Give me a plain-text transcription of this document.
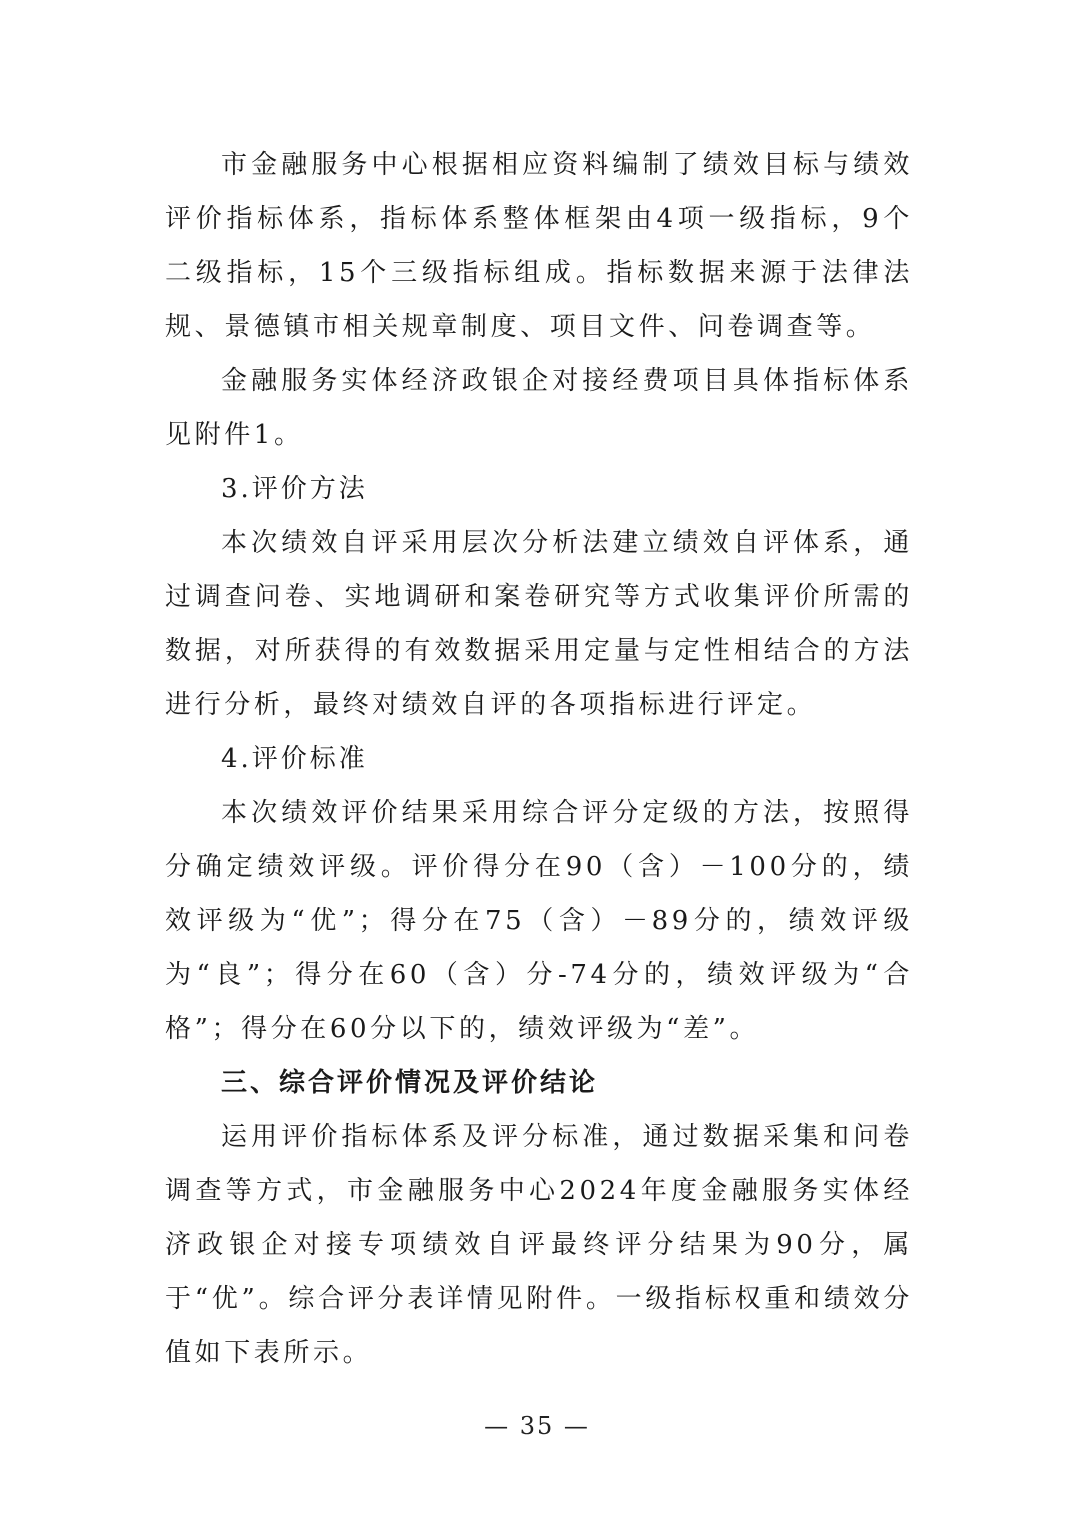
市金融服务中心根据相应资料编制了绩效目标与绩效评价指标体系，指标体系整体框架由4项一级指标，9个二级指标，15个三级指标组成。指标数据来源于法律法规、景德镇市相关规章制度、项目文件、问卷调查等。

金融服务实体经济政银企对接经费项目具体指标体系见附件1。

3.评价方法

本次绩效自评采用层次分析法建立绩效自评体系，通过调查问卷、实地调研和案卷研究等方式收集评价所需的数据，对所获得的有效数据采用定量与定性相结合的方法进行分析，最终对绩效自评的各项指标进行评定。

4.评价标准

本次绩效评价结果采用综合评分定级的方法，按照得分确定绩效评级。评价得分在90（含）－100分的，绩效评级为“优”；得分在75（含）－89分的，绩效评级为“良”；得分在60（含）分-74分的，绩效评级为“合格”；得分在60分以下的，绩效评级为“差”。

三、综合评价情况及评价结论

运用评价指标体系及评分标准，通过数据采集和问卷调查等方式，市金融服务中心2024年度金融服务实体经济政银企对接专项绩效自评最终评分结果为90分，属于“优”。综合评分表详情见附件。一级指标权重和绩效分值如下表所示。

— 35 —
